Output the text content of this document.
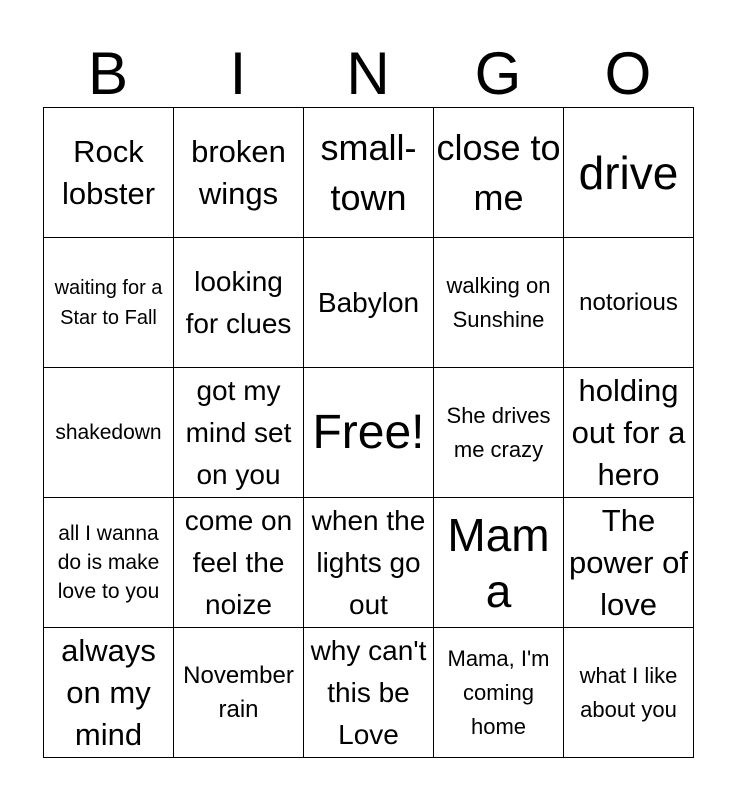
B	I	N	G	O
Rock lobster	broken wings	small-town	close to me	drive
waiting for a Star to Fall	looking for clues	Babylon	walking on Sunshine	notorious
shakedown	got my mind set on you	Free!	She drives me crazy	holding out for a hero
all I wanna do is make love to you	come on feel the noize	when the lights go out	Mama	The power of love
always on my mind	November rain	why can't this be Love	Mama, I'm coming home	what I like about you
